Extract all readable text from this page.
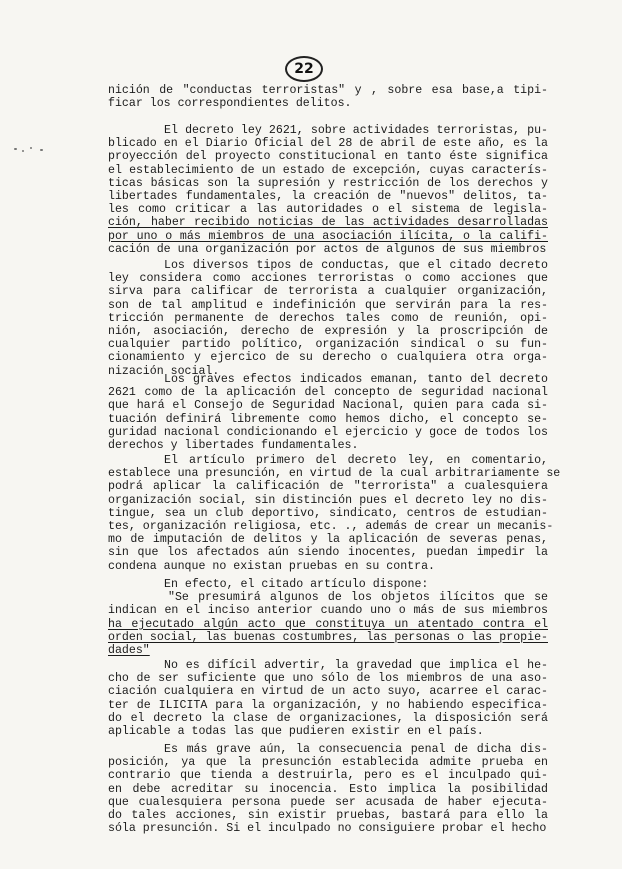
22
nición de "conductas terroristas" y , sobre esa base,a tipi-
ficar los correspondientes delitos.
El decreto ley 2621, sobre actividades terroristas, pu-
blicado en el Diario Oficial del 28 de abril de este año, es la
proyección del proyecto constitucional en tanto éste significa
el establecimiento de un estado de excepción, cuyas caracterís-
ticas básicas son la supresión y restricción de los derechos y
libertades fundamentales, la creación de "nuevos" delitos, ta-
les como criticar a las autoridades o el sistema de legisla-
ción, haber recibido noticias de las actividades desarrolladas
por uno o más miembros de una asociación ilícita, o la califi-
cación de una organización por actos de algunos de sus miembros
Los diversos tipos de conductas, que el citado decreto
ley considera como acciones terroristas o como acciones que
sirva para calificar de terrorista a cualquier organización,
son de tal amplitud e indefinición que servirán para la res-
tricción permanente de derechos tales como de reunión, opi-
nión, asociación, derecho de expresión y la proscripción de
cualquier partido político, organización sindical o su fun-
cionamiento y ejercico de su derecho o cualquiera otra orga-
nización social.
Los graves efectos indicados emanan, tanto del decreto
2621 como de la aplicación del concepto de seguridad nacional
que hará el Consejo de Seguridad Nacional, quien para cada si-
tuación definirá libremente como hemos dicho, el concepto se-
guridad nacional condicionando el ejercicio y goce de todos los
derechos y libertades fundamentales.
El artículo primero del decreto ley, en comentario,
establece una presunción, en virtud de la cual arbitrariamente se
podrá aplicar la calificación de "terrorista" a cualesquiera
organización social, sin distinción pues el decreto ley no dis-
tingue, sea un club deportivo, sindicato, centros de estudian-
tes, organización religiosa, etc. ., además de crear un mecanis-
mo de imputación de delitos y la aplicación de severas penas,
sin que los afectados aún siendo inocentes, puedan impedir la
condena aunque no existan pruebas en su contra.
En efecto, el citado artículo dispone:
"Se presumirá algunos de los objetos ilícitos que se
indican en el inciso anterior cuando uno o más de sus miembros
ha ejecutado algún acto que constituya un atentado contra el
orden social, las buenas costumbres, las personas o las propie-
dades"
No es difícil advertir, la gravedad que implica el he-
cho de ser suficiente que uno sólo de los miembros de una aso-
ciación cualquiera en virtud de un acto suyo, acarree el carac-
ter de ILICITA para la organización, y no habiendo especifica-
do el decreto la clase de organizaciones, la disposición será
aplicable a todas las que pudieren existir en el país.
Es más grave aún, la consecuencia penal de dicha dis-
posición, ya que la presunción establecida admite prueba en
contrario que tienda a destruirla, pero es el inculpado qui-
en debe acreditar su inocencia. Esto implica la posibilidad
que cualesquiera persona puede ser acusada de haber ejecuta-
do tales acciones, sin existir pruebas, bastará para ello la
sóla presunción. Si el inculpado no consiguiere probar el hecho
